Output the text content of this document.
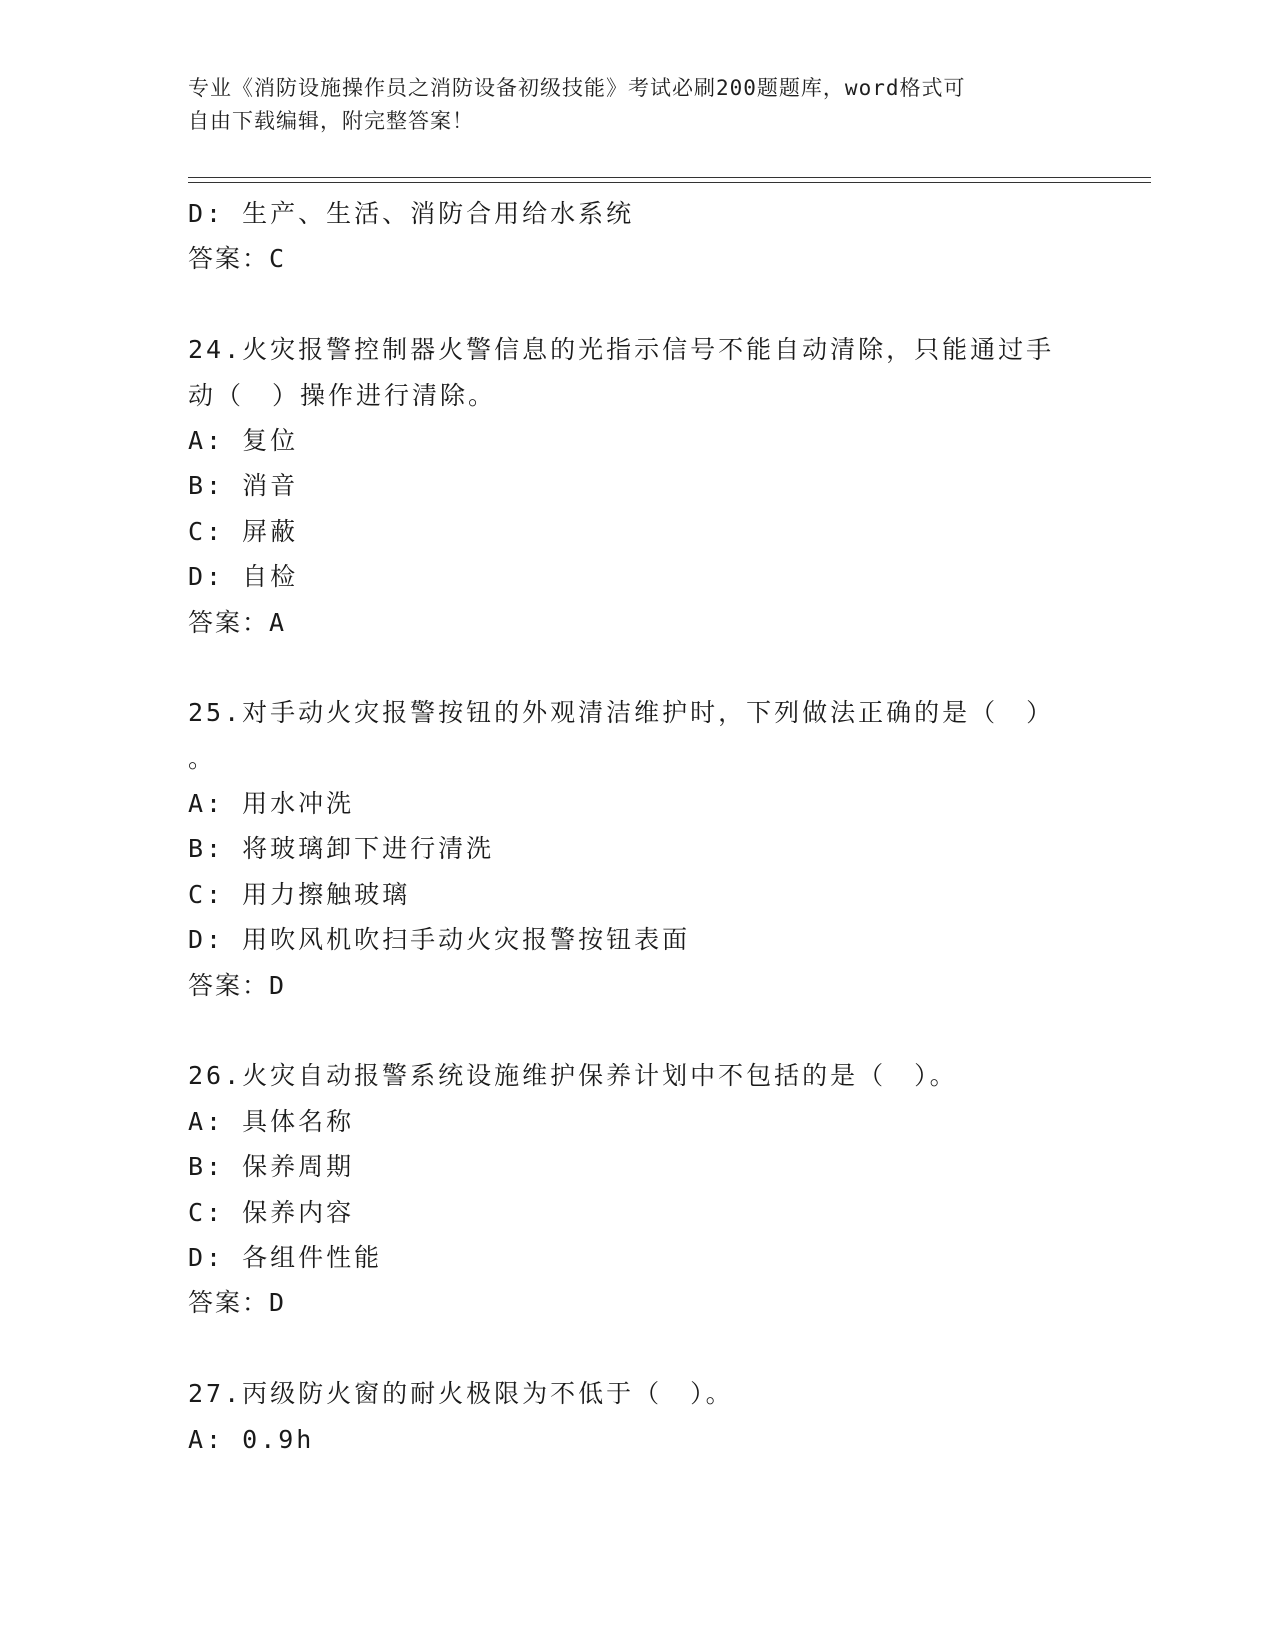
专业《消防设施操作员之消防设备初级技能》考试必刷200题题库，word格式可
自由下载编辑，附完整答案！
D: 生产、生活、消防合用给水系统
答案：C
24.火灾报警控制器火警信息的光指示信号不能自动清除，只能通过手
动（　）操作进行清除。
A: 复位
B: 消音
C: 屏蔽
D: 自检
答案：A
25.对手动火灾报警按钮的外观清洁维护时，下列做法正确的是（　）
。
A: 用水冲洗
B: 将玻璃卸下进行清洗
C: 用力擦触玻璃
D: 用吹风机吹扫手动火灾报警按钮表面
答案：D
26.火灾自动报警系统设施维护保养计划中不包括的是（　）。
A: 具体名称
B: 保养周期
C: 保养内容
D: 各组件性能
答案：D
27.丙级防火窗的耐火极限为不低于（　）。
A: 0.9h
